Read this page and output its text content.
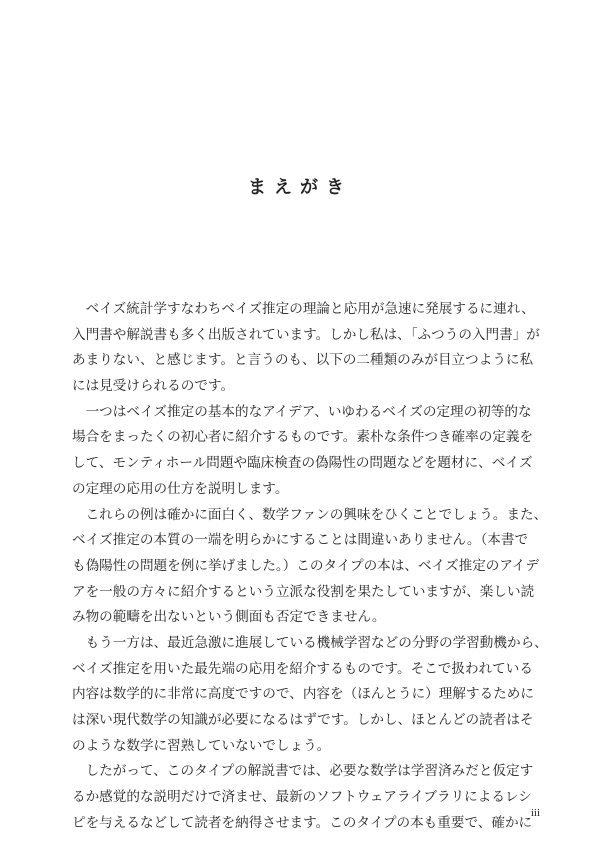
まえがき
　ベイズ統計学すなわちベイズ推定の理論と応用が急速に発展するに連れ、
入門書や解説書も多く出版されています。しかし私は、「ふつうの入門書」が
あまりない、と感じます。と言うのも、以下の二種類のみが目立つように私
には見受けられるのです。
　一つはベイズ推定の基本的なアイデア、いゆわるベイズの定理の初等的な
場合をまったくの初心者に紹介するものです。素朴な条件つき確率の定義を
して、モンティホール問題や臨床検査の偽陽性の問題などを題材に、ベイズ
の定理の応用の仕方を説明します。
　これらの例は確かに面白く、数学ファンの興味をひくことでしょう。また、
ベイズ推定の本質の一端を明らかにすることは間違いありません。（本書で
も偽陽性の問題を例に挙げました。）このタイプの本は、ベイズ推定のアイデ
アを一般の方々に紹介するという立派な役割を果たしていますが、楽しい読
み物の範疇を出ないという側面も否定できません。
　もう一方は、最近急激に進展している機械学習などの分野の学習動機から、
ベイズ推定を用いた最先端の応用を紹介するものです。そこで扱われている
内容は数学的に非常に高度ですので、内容を（ほんとうに）理解するために
は深い現代数学の知識が必要になるはずです。しかし、ほとんどの読者はそ
のような数学に習熟していないでしょう。
　したがって、このタイプの解説書では、必要な数学は学習済みだと仮定す
るか感覚的な説明だけで済ませ、最新のソフトウェアライブラリによるレシ
ピを与えるなどして読者を納得させます。このタイプの本も重要で、確かに
iii
